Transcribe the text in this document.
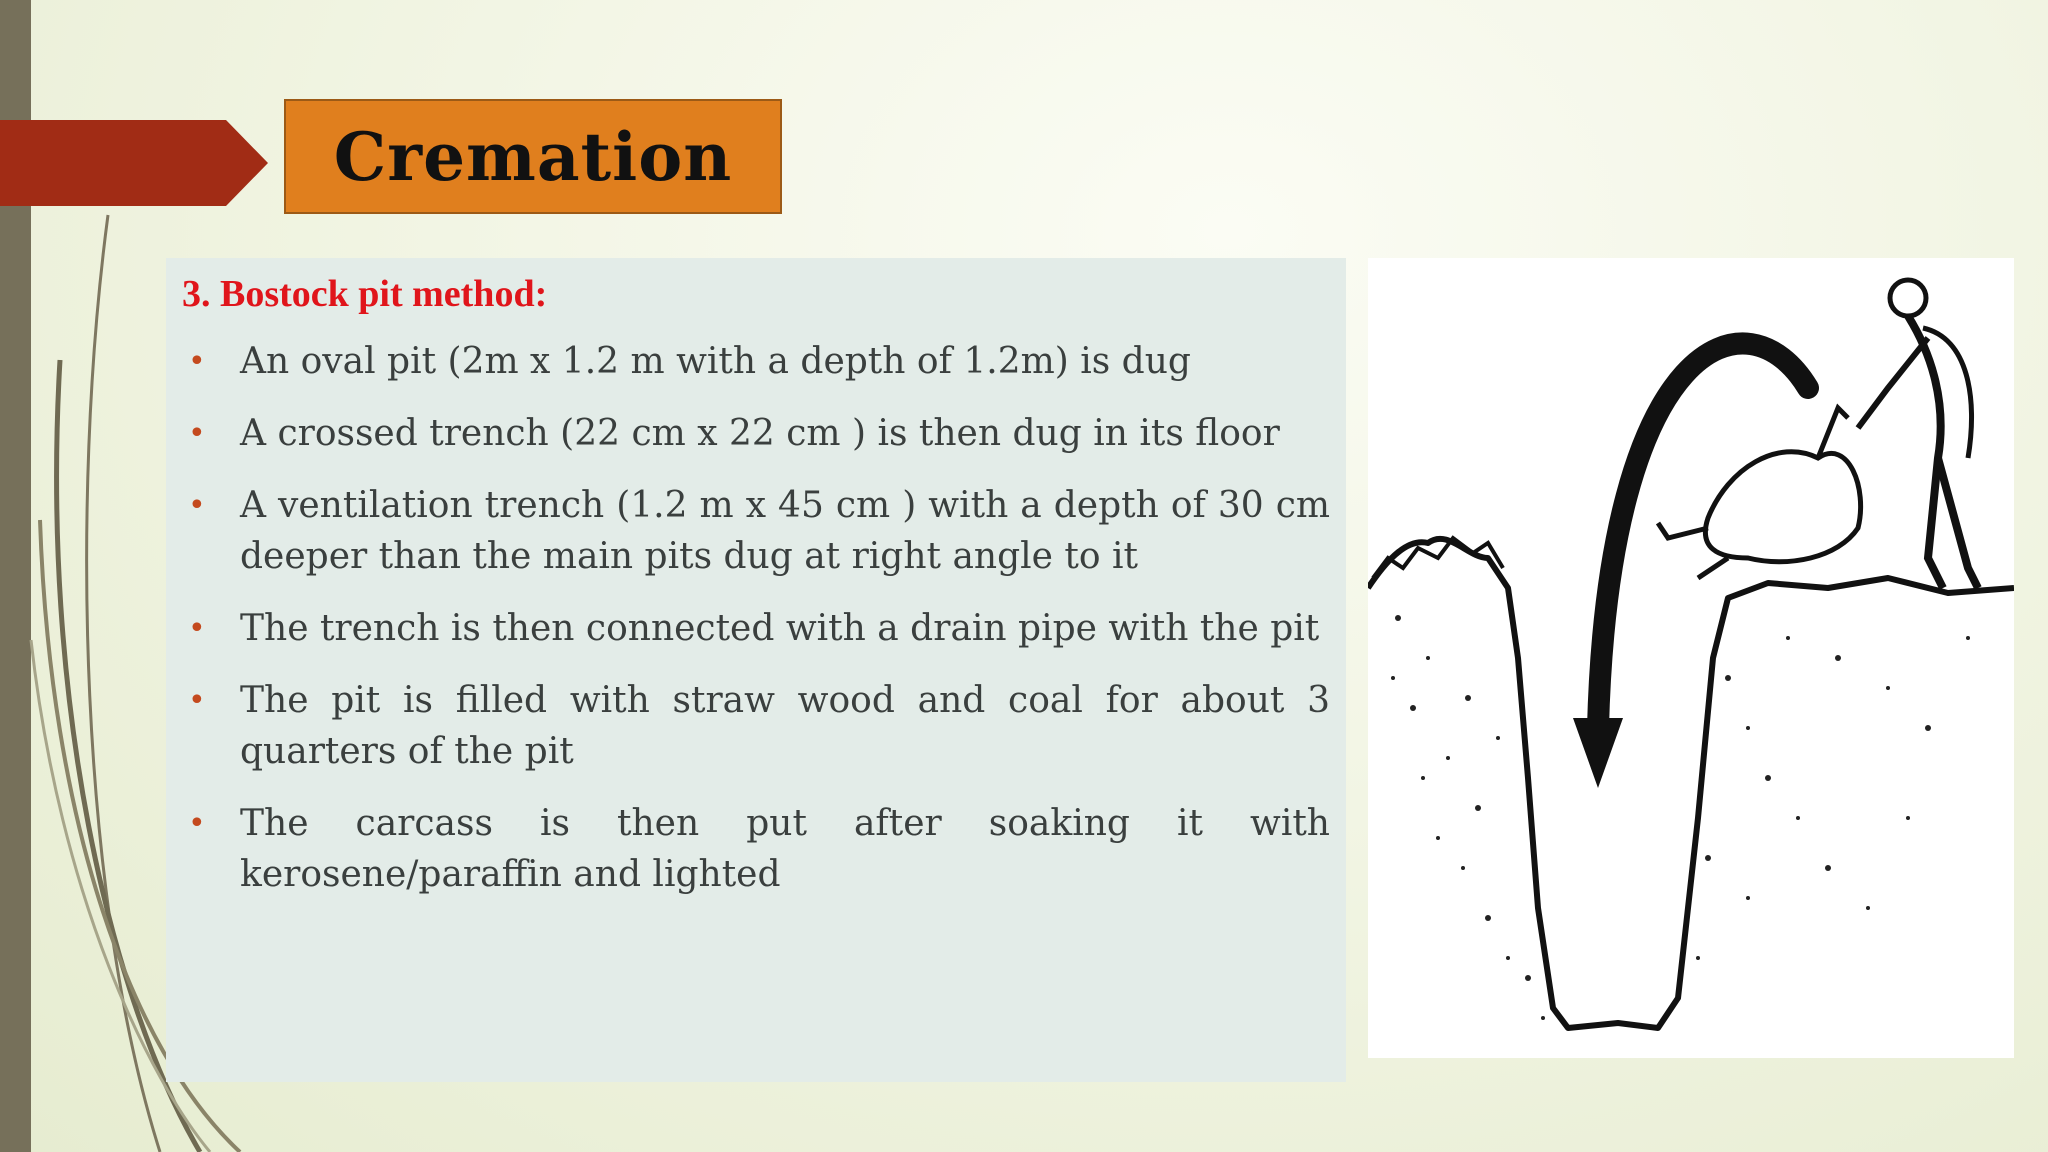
Cremation
3. Bostock pit method:
• An oval pit (2m x 1.2 m with a depth of 1.2m) is dug
• A crossed trench (22 cm x 22 cm ) is then dug in its floor
• A ventilation trench (1.2 m x 45 cm ) with a depth of 30 cm deeper than the main pits dug at right angle to it
• The trench is then connected with a drain pipe with the pit
• The pit is filled with straw wood and coal for about 3 quarters of the pit
• The carcass is then put after soaking it with kerosene/paraffin and lighted
